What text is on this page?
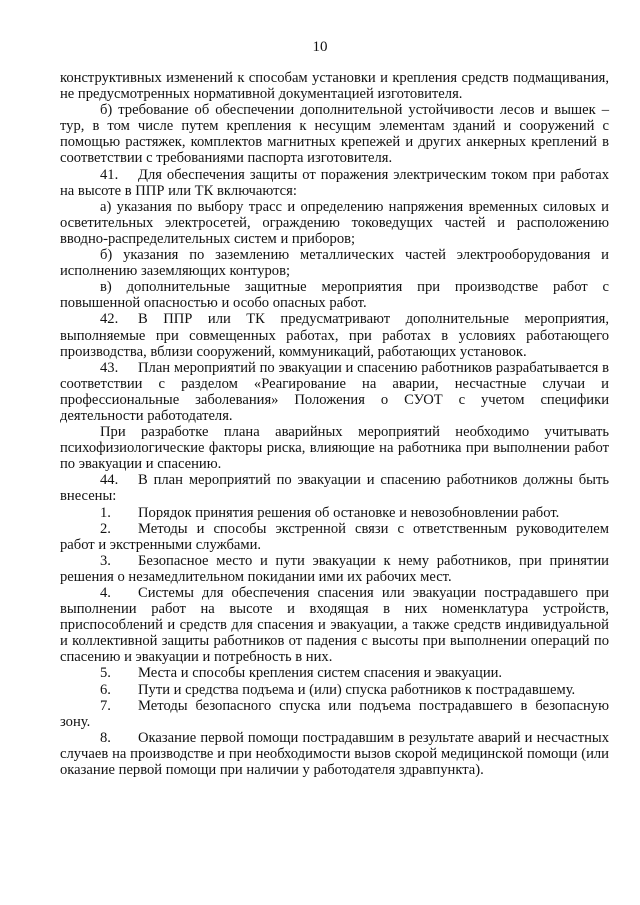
10

конструктивных изменений к способам установки и крепления средств подмащивания, не предусмотренных нормативной документацией изготовителя.

б) требование об обеспечении дополнительной устойчивости лесов и вышек – тур, в том числе путем крепления к несущим элементам зданий и сооружений с помощью растяжек, комплектов магнитных крепежей и других анкерных креплений в соответствии с требованиями паспорта изготовителя.

41. Для обеспечения защиты от поражения электрическим током при работах на высоте в ППР или ТК включаются:

а) указания по выбору трасс и определению напряжения временных силовых и осветительных электросетей, ограждению токоведущих частей и расположению вводно-распределительных систем и приборов;

б) указания по заземлению металлических частей электрооборудования и исполнению заземляющих контуров;

в) дополнительные защитные мероприятия при производстве работ с повышенной опасностью и особо опасных работ.

42. В ППР или ТК предусматривают дополнительные мероприятия, выполняемые при совмещенных работах, при работах в условиях работающего производства, вблизи сооружений, коммуникаций, работающих установок.

43. План мероприятий по эвакуации и спасению работников разрабатывается в соответствии с разделом «Реагирование на аварии, несчастные случаи и профессиональные заболевания» Положения о СУОТ с учетом специфики деятельности работодателя.

При разработке плана аварийных мероприятий необходимо учитывать психофизиологические факторы риска, влияющие на работника при выполнении работ по эвакуации и спасению.

44. В план мероприятий по эвакуации и спасению работников должны быть внесены:

1. Порядок принятия решения об остановке и невозобновлении работ.

2. Методы и способы экстренной связи с ответственным руководителем работ и экстренными службами.

3. Безопасное место и пути эвакуации к нему работников, при принятии решения о незамедлительном покидании ими их рабочих мест.

4. Системы для обеспечения спасения или эвакуации пострадавшего при выполнении работ на высоте и входящая в них номенклатура устройств, приспособлений и средств для спасения и эвакуации, а также средств индивидуальной и коллективной защиты работников от падения с высоты при выполнении операций по спасению и эвакуации и потребность в них.

5. Места и способы крепления систем спасения и эвакуации.

6. Пути и средства подъема и (или) спуска работников к пострадавшему.

7. Методы безопасного спуска или подъема пострадавшего в безопасную зону.

8. Оказание первой помощи пострадавшим в результате аварий и несчастных случаев на производстве и при необходимости вызов скорой медицинской помощи (или оказание первой помощи при наличии у работодателя здравпункта).
